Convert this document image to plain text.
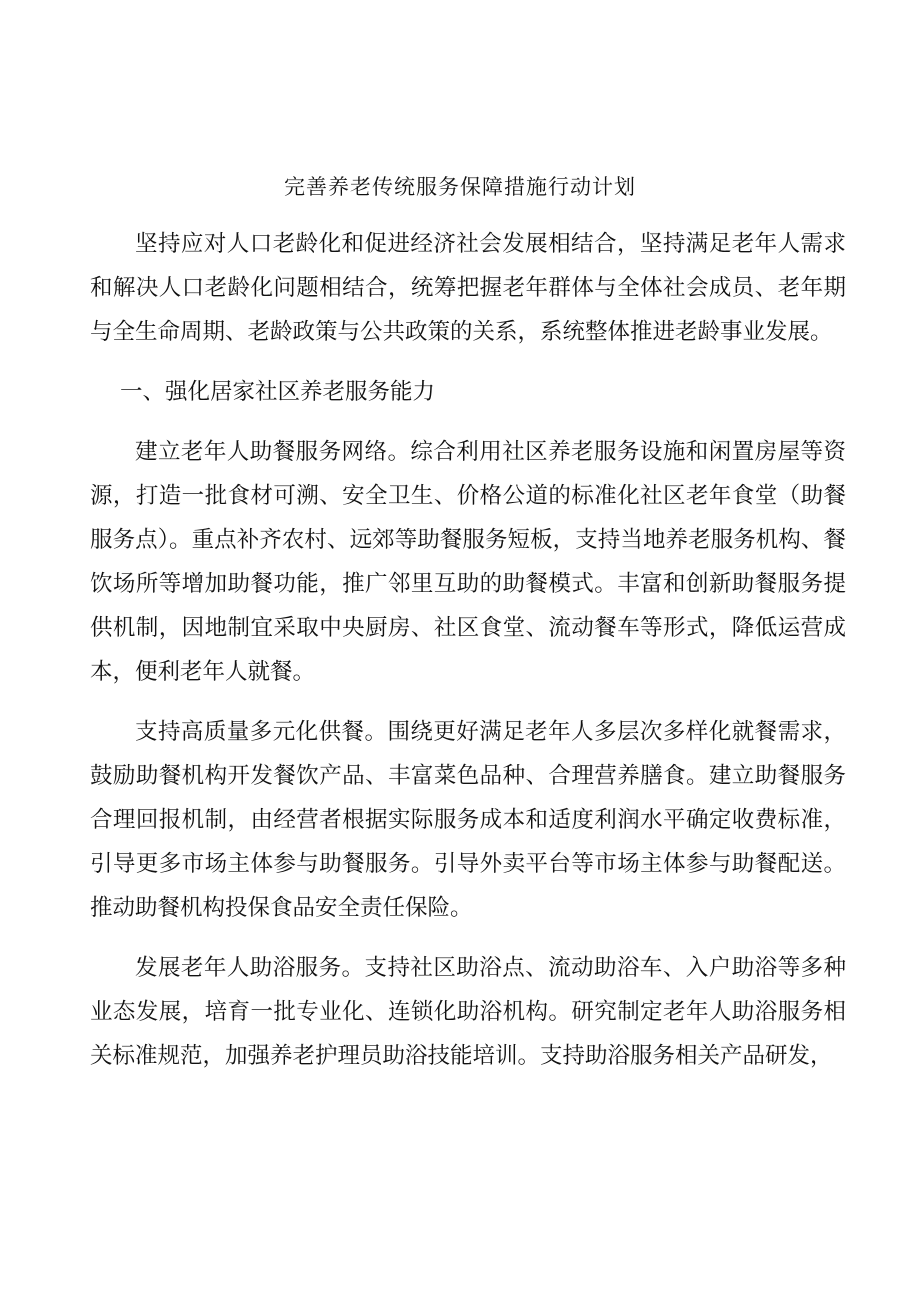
完善养老传统服务保障措施行动计划

坚持应对人口老龄化和促进经济社会发展相结合，坚持满足老年人需求和解决人口老龄化问题相结合，统筹把握老年群体与全体社会成员、老年期与全生命周期、老龄政策与公共政策的关系，系统整体推进老龄事业发展。

一、强化居家社区养老服务能力

建立老年人助餐服务网络。综合利用社区养老服务设施和闲置房屋等资源，打造一批食材可溯、安全卫生、价格公道的标准化社区老年食堂（助餐服务点）。重点补齐农村、远郊等助餐服务短板，支持当地养老服务机构、餐饮场所等增加助餐功能，推广邻里互助的助餐模式。丰富和创新助餐服务提供机制，因地制宜采取中央厨房、社区食堂、流动餐车等形式，降低运营成本，便利老年人就餐。

支持高质量多元化供餐。围绕更好满足老年人多层次多样化就餐需求，鼓励助餐机构开发餐饮产品、丰富菜色品种、合理营养膳食。建立助餐服务合理回报机制，由经营者根据实际服务成本和适度利润水平确定收费标准，引导更多市场主体参与助餐服务。引导外卖平台等市场主体参与助餐配送。推动助餐机构投保食品安全责任保险。

发展老年人助浴服务。支持社区助浴点、流动助浴车、入户助浴等多种业态发展，培育一批专业化、连锁化助浴机构。研究制定老年人助浴服务相关标准规范，加强养老护理员助浴技能培训。支持助浴服务相关产品研发，
